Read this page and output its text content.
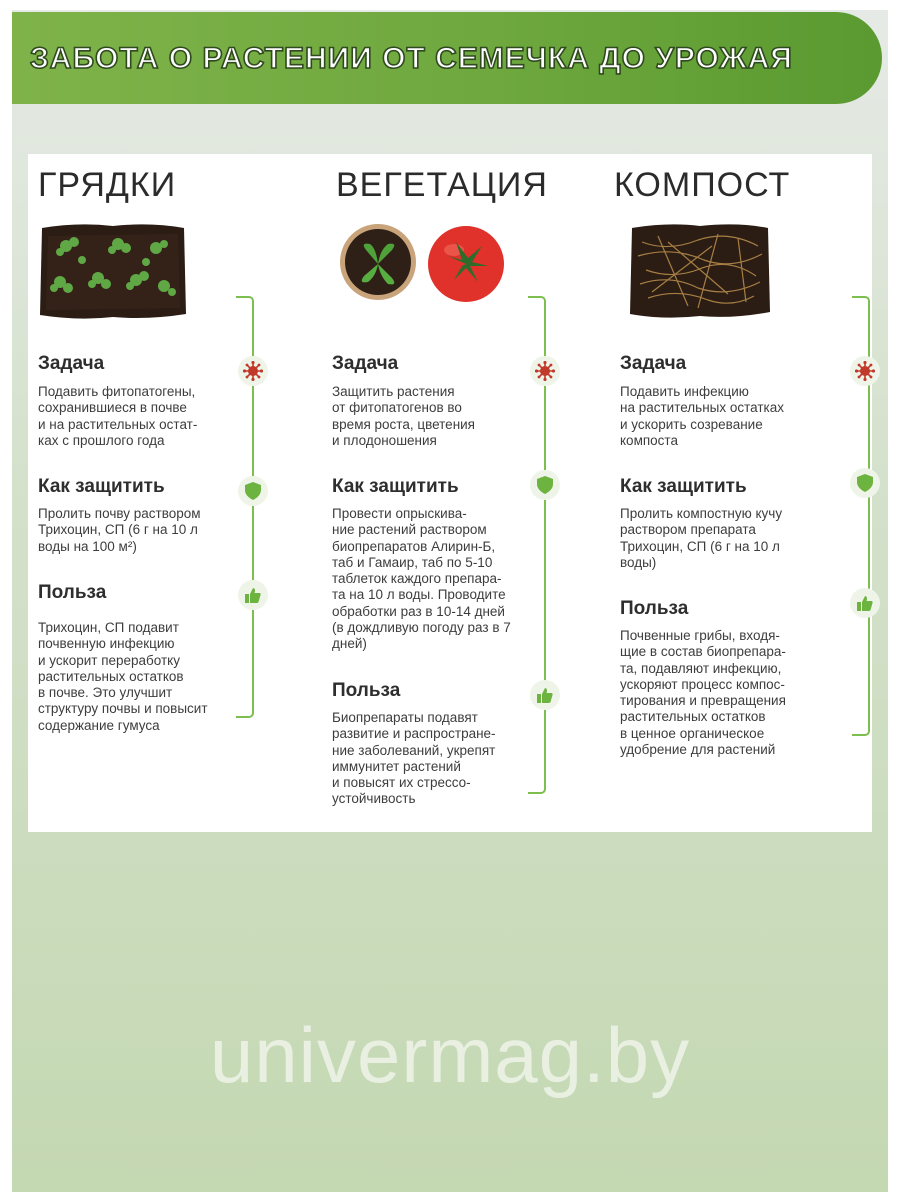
ЗАБОТА О РАСТЕНИИ ОТ СЕМЕЧКА ДО УРОЖАЯ
ГРЯДКИ
Задача
Подавить фитопатогены,
сохранившиеся в почве
и на растительных остат-
ках с прошлого года
Как защитить
Пролить почву раствором
Трихоцин, СП (6 г на 10 л
воды на 100 м²)
Польза
Трихоцин, СП подавит
почвенную инфекцию
и ускорит переработку
растительных остатков
в почве. Это улучшит
структуру почвы и повысит
содержание гумуса
ВЕГЕТАЦИЯ
Задача
Защитить растения
от фитопатогенов во
время роста, цветения
и плодоношения
Как защитить
Провести опрыскива-
ние растений раствором
биопрепаратов Алирин-Б,
таб и Гамаир, таб по 5-10
таблеток каждого препара-
та на 10 л воды. Проводите
обработки раз в 10-14 дней
(в дождливую погоду раз в 7
дней)
Польза
Биопрепараты подавят
развитие и распростране-
ние заболеваний, укрепят
иммунитет растений
и повысят их стрессо-
устойчивость
КОМПОСТ
Задача
Подавить инфекцию
на растительных остатках
и ускорить созревание
компоста
Как защитить
Пролить компостную кучу
раствором препарата
Трихоцин, СП (6 г на 10 л
воды)
Польза
Почвенные грибы, входя-
щие в состав биопрепара-
та, подавляют инфекцию,
ускоряют процесс компос-
тирования и превращения
растительных остатков
в ценное органическое
удобрение для растений
univermag.by
